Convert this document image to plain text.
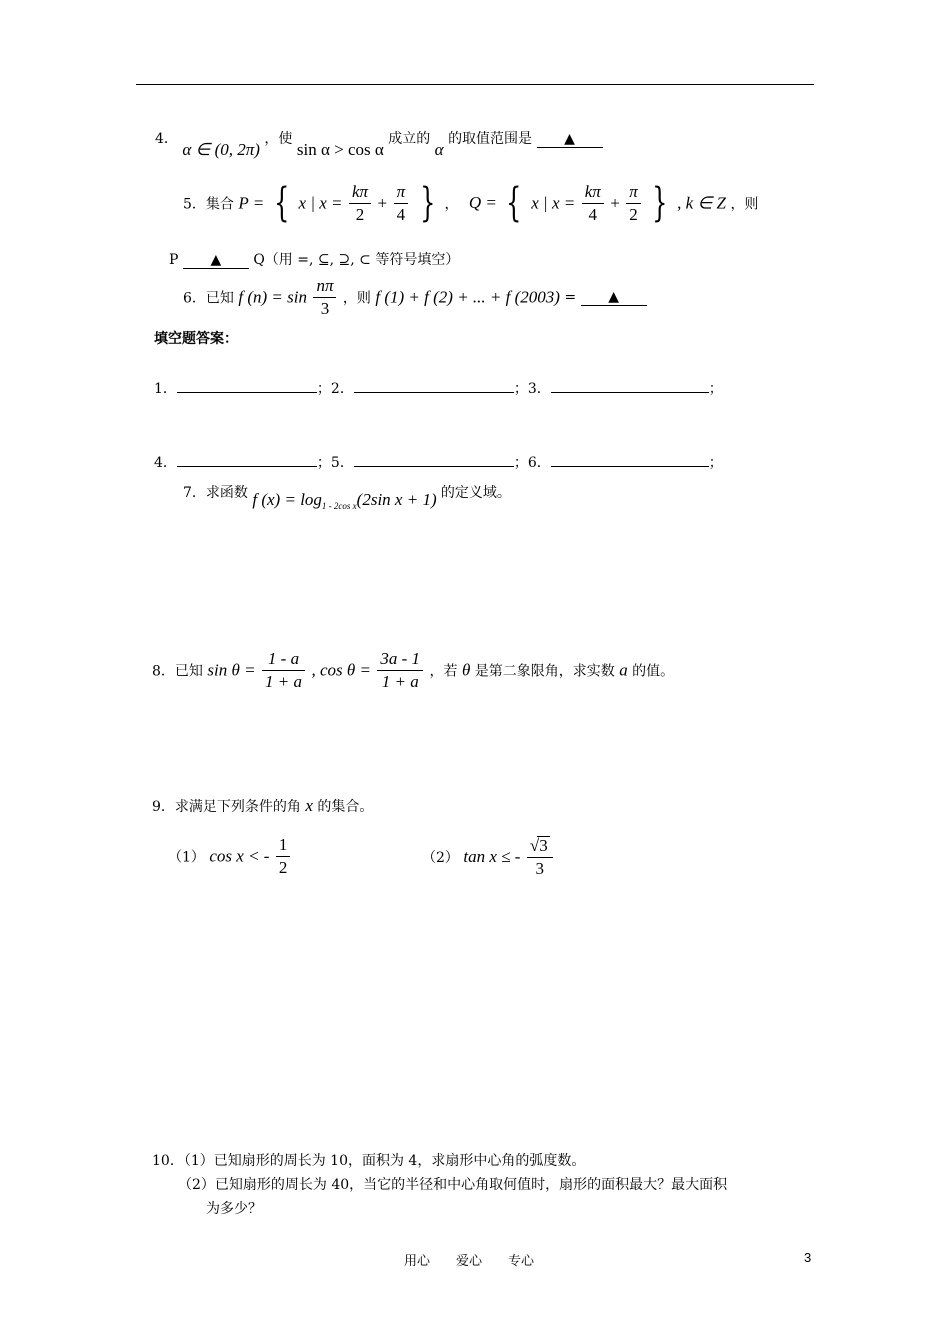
4． α ∈ (0, 2π) ，使 sin α > cos α 成立的 α 的取值范围是 ▲
5．集合 P = { x | $x = \frac{k\pi}{2} + \frac{\pi}{4}$ } ， Q = { x | $x = \frac{k\pi}{4} + \frac{\pi}{2}$ } , k ∈ Z ，则
P ▲ Q（用 =, ⊆, ⊇, ⊂ 等符号填空）
6．已知 f $(n) = \sin \frac{n\pi}{3}$ ，则 f (1) + f (2) + ... + f (2003) = ▲
填空题答案：
1．	；2．	；3．	；
4．	；5．	；6．	；
7．求函数 f $(x) = \log_{1 - 2cos x}(2\sin$ x + 1) 的定义域。
8．已知 $\sin \theta = \frac{1 - a}{1 + a}$ , $\cos \theta = \frac{3a - 1}{1 + a}$ ，若 θ 是第二象限角，求实数 a 的值。
9．求满足下列条件的角 x 的集合。
（1） cos x < - $\frac{1}{2}$	（2） tan x ≤ - $\frac{√3}{3}$
10．（1）已知扇形的周长为 10，面积为 4，求扇形中心角的弧度数。
（2）已知扇形的周长为 40，当它的半径和中心角取何值时，扇形的面积最大？最大面积
为多少？
用心　　爱心　　专心	3
